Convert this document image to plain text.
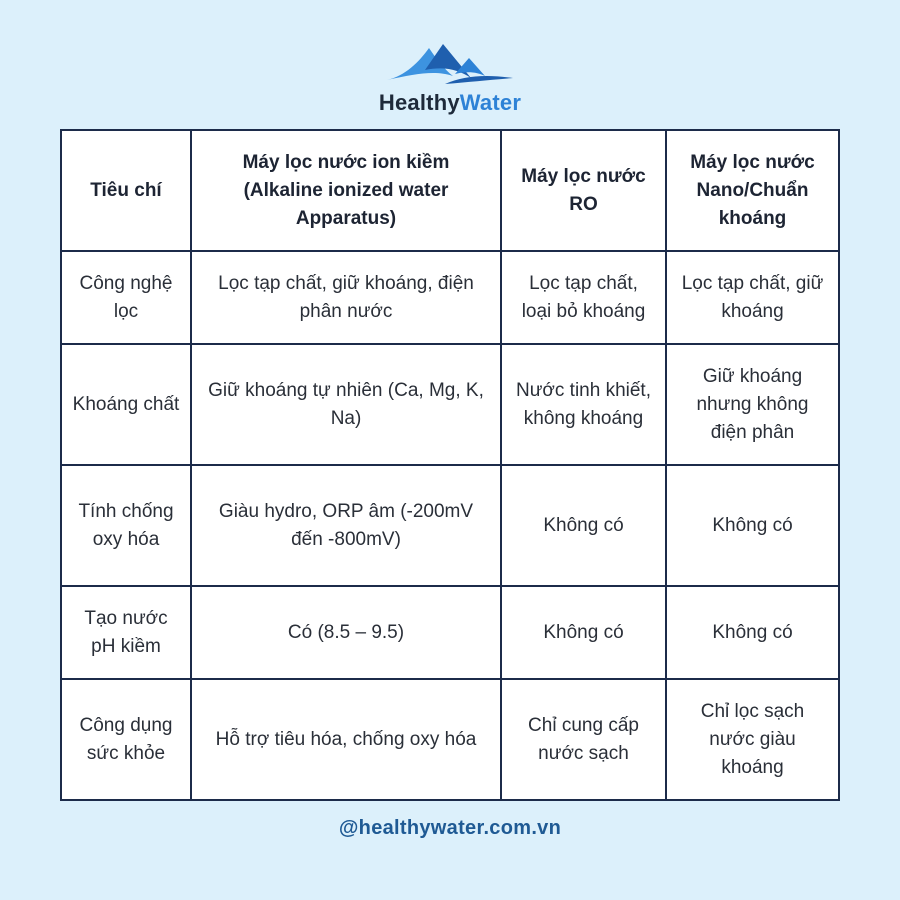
HealthyWater
Tiêu chí	Máy lọc nước ion kiềm (Alkaline ionized water Apparatus)	Máy lọc nước RO	Máy lọc nước Nano/Chuẩn khoáng
Công nghệ lọc	Lọc tạp chất, giữ khoáng, điện phân nước	Lọc tạp chất, loại bỏ khoáng	Lọc tạp chất, giữ khoáng
Khoáng chất	Giữ khoáng tự nhiên (Ca, Mg, K, Na)	Nước tinh khiết, không khoáng	Giữ khoáng nhưng không điện phân
Tính chống oxy hóa	Giàu hydro, ORP âm (-200mV đến -800mV)	Không có	Không có
Tạo nước pH kiềm	Có (8.5 – 9.5)	Không có	Không có
Công dụng sức khỏe	Hỗ trợ tiêu hóa, chống oxy hóa	Chỉ cung cấp nước sạch	Chỉ lọc sạch nước giàu khoáng
@healthywater.com.vn
